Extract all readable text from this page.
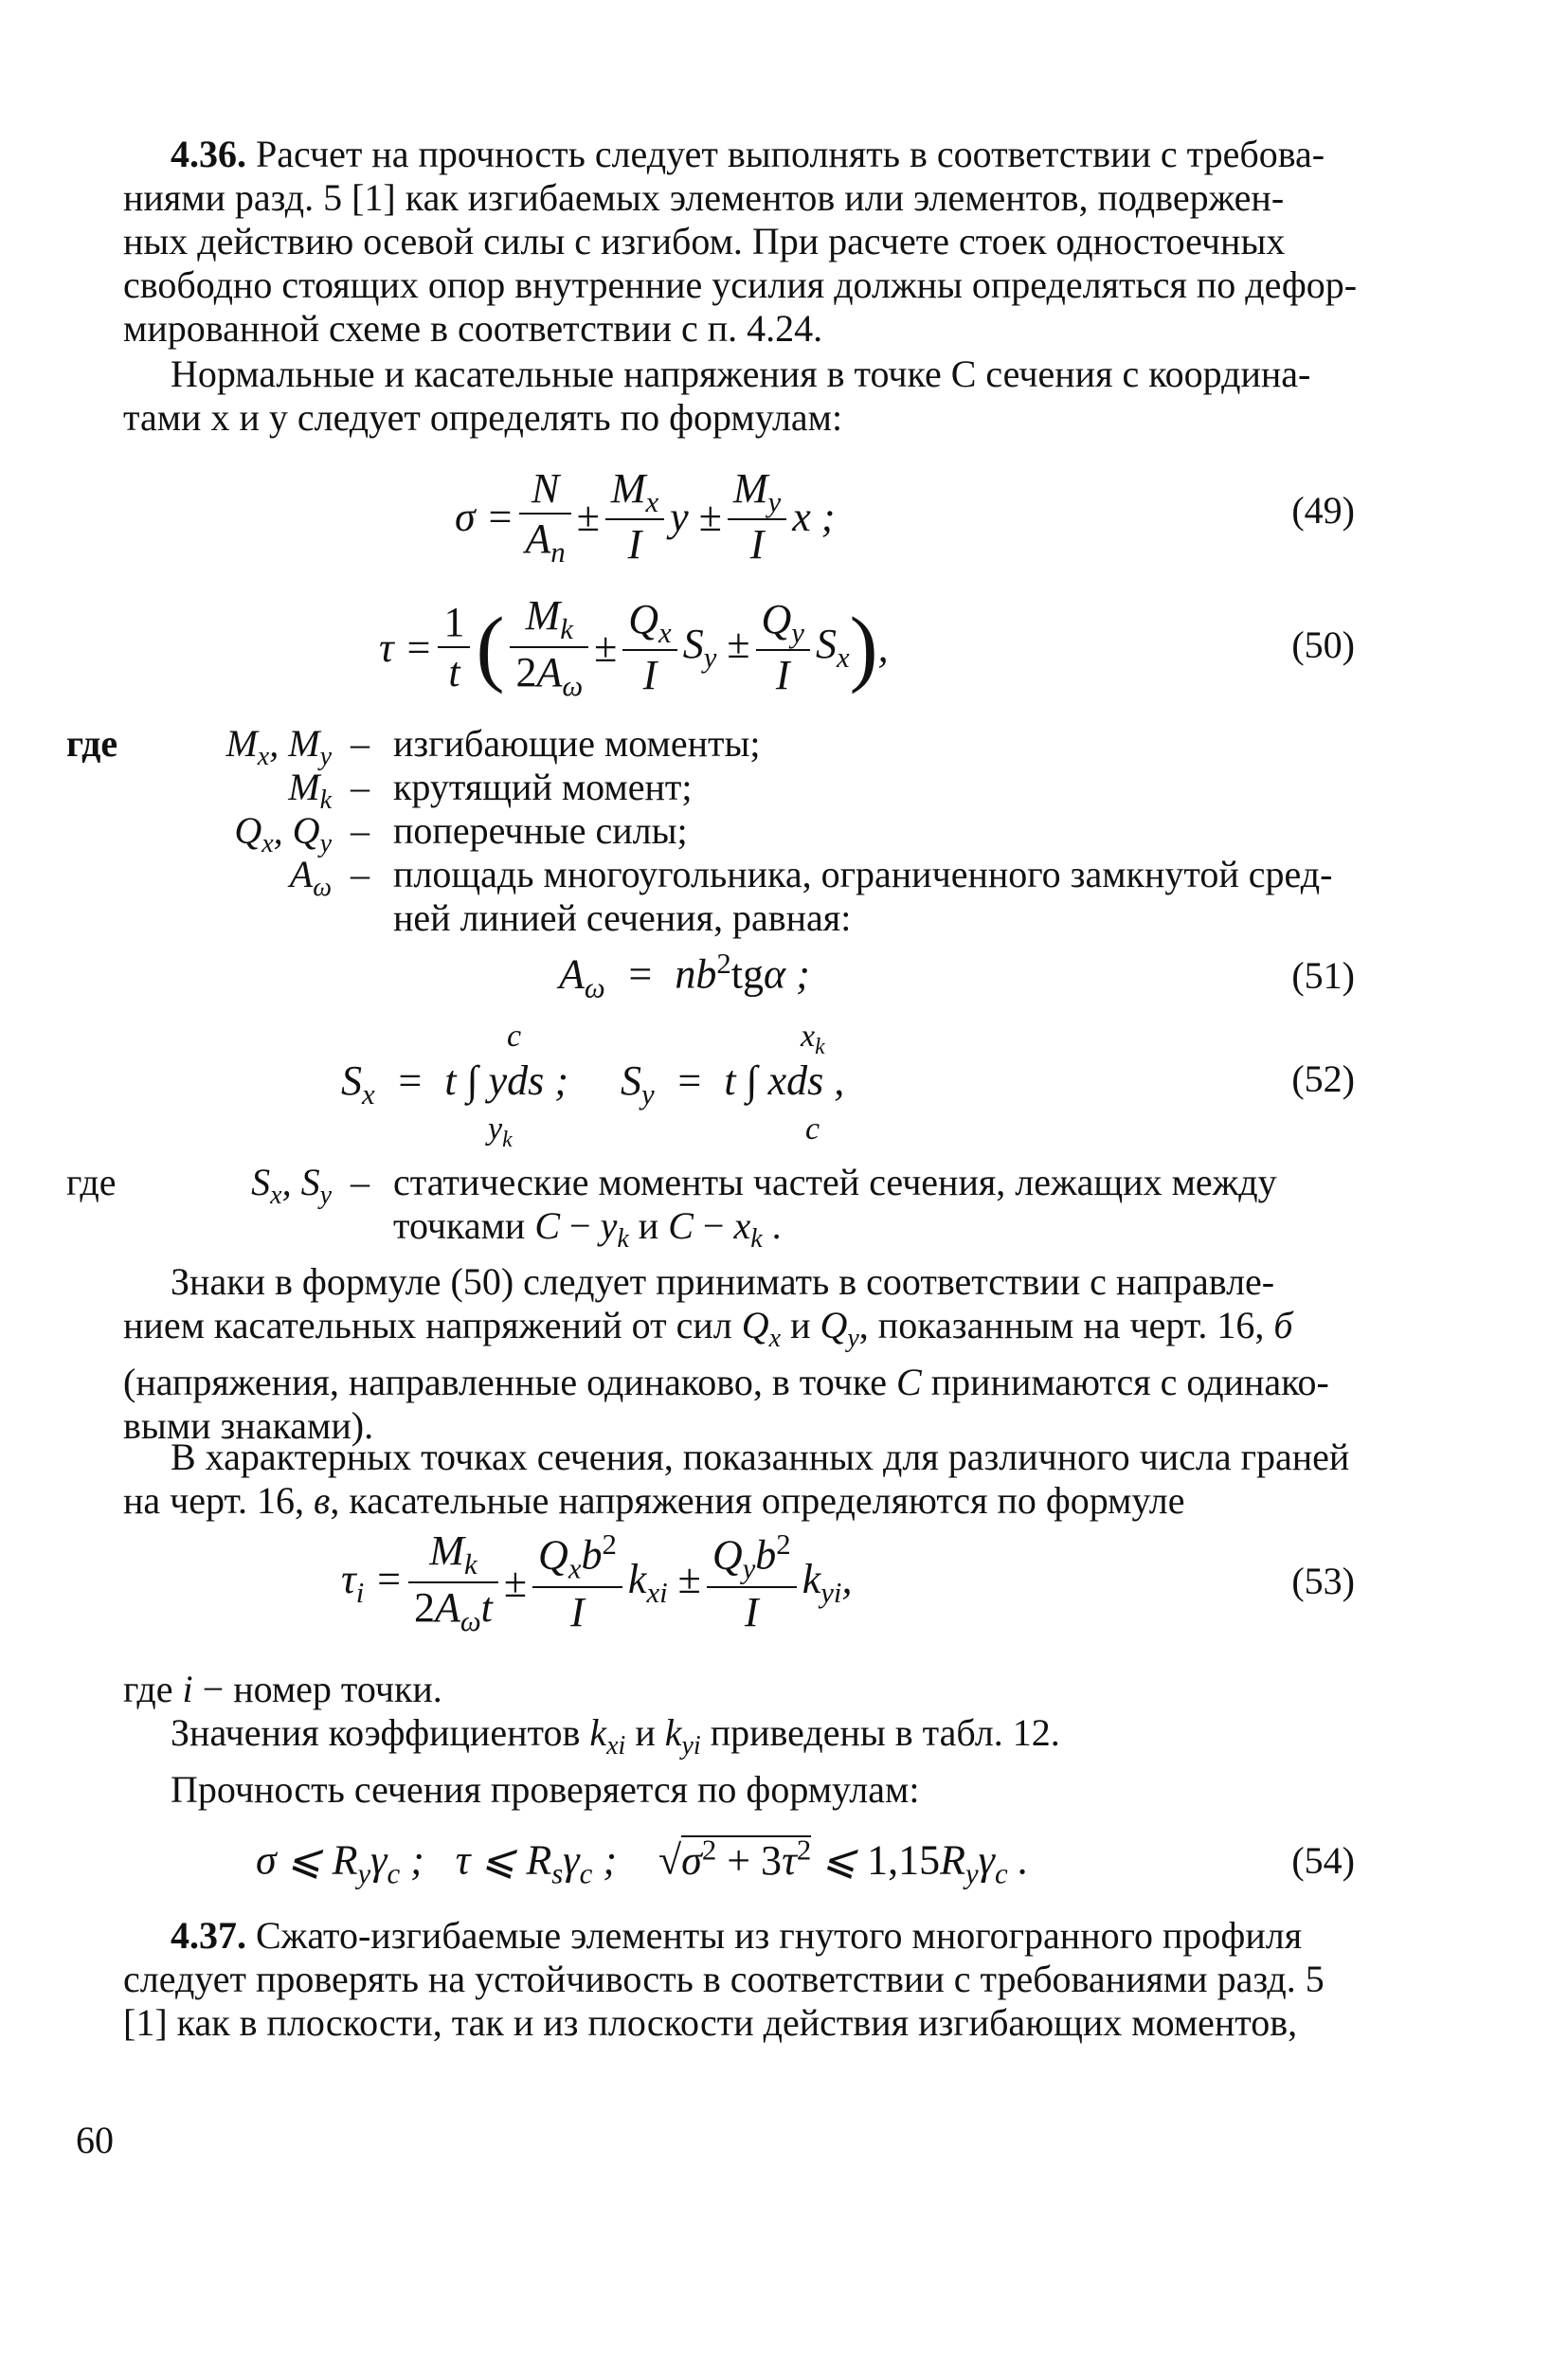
4.36. Расчет на прочность следует выполнять в соответствии с требова-
ниями разд. 5 [1] как изгибаемых элементов или элементов, подвержен-
ных действию осевой силы с изгибом. При расчете стоек одностоечных
свободно стоящих опор внутренние усилия должны определяться по дефор-
мированной схеме в соответствии с п. 4.24.
Нормальные и касательные напряжения в точке C сечения с координа-
тами x и y следует определять по формулам:
$\sigma = \frac{N}{A_n} \pm \frac{M_x}{I}$ $y \pm \frac{M_y}{I}$ x ;	(49)
$\tau = \frac{1}{t}$ ( $\frac{M_k}{2A_\omega} \pm \frac{Q_x}{I} S_y \pm \frac{Q_y}{I} S_x$ ) ,	(50)
где	$M_x$, $M_y$ – изгибающие моменты;
$M_k$ – крутящий момент;
$Q_x$, $Q_y$ – поперечные силы;
$A_\omega$ – площадь многоугольника, ограниченного замкнутой сред-
ней линией сечения, равная:
$A_\omega = nb^2tg\alpha$ ;	(51)
c	$x_k$
$S_x = t$ ∫ yds ;     $S_y = t$ ∫ xds ,
$y_k$	c
(52)
где	$S_x$, $S_y$ – статические моменты частей сечения, лежащих между
точками $C - y_k$ и $C - x_k$ .
Знаки в формуле (50) следует принимать в соответствии с направле-
нием касательных напряжений от сил $Q_x$ и $Q_y$, показанным на черт. 16, б
(напряжения, направленные одинаково, в точке C принимаются с одинако-
выми знаками).
В характерных точках сечения, показанных для различного числа граней
на черт. 16, в, касательные напряжения определяются по формуле
$\tau_i = \frac{M_k}{2A_\omega t} \pm \frac{Q_xb^2}{I} k_{xi} \pm \frac{Q_yb^2}{I} k_{yi}$,	(53)
где i − номер точки.
Значения коэффициентов $k_{xi}$ и $k_{yi}$ приведены в табл. 12.
Прочность сечения проверяется по формулам:
σ ⩽ $R_y\gamma_c$ ;   τ ⩽ $R_s\gamma_c$ ;    $√\sigma^2 + 3\tau^2$ ⩽ $1,15R_y\gamma_c$ .	(54)
4.37. Сжато-изгибаемые элементы из гнутого многогранного профиля
следует проверять на устойчивость в соответствии с требованиями разд. 5
[1] как в плоскости, так и из плоскости действия изгибающих моментов,
60
